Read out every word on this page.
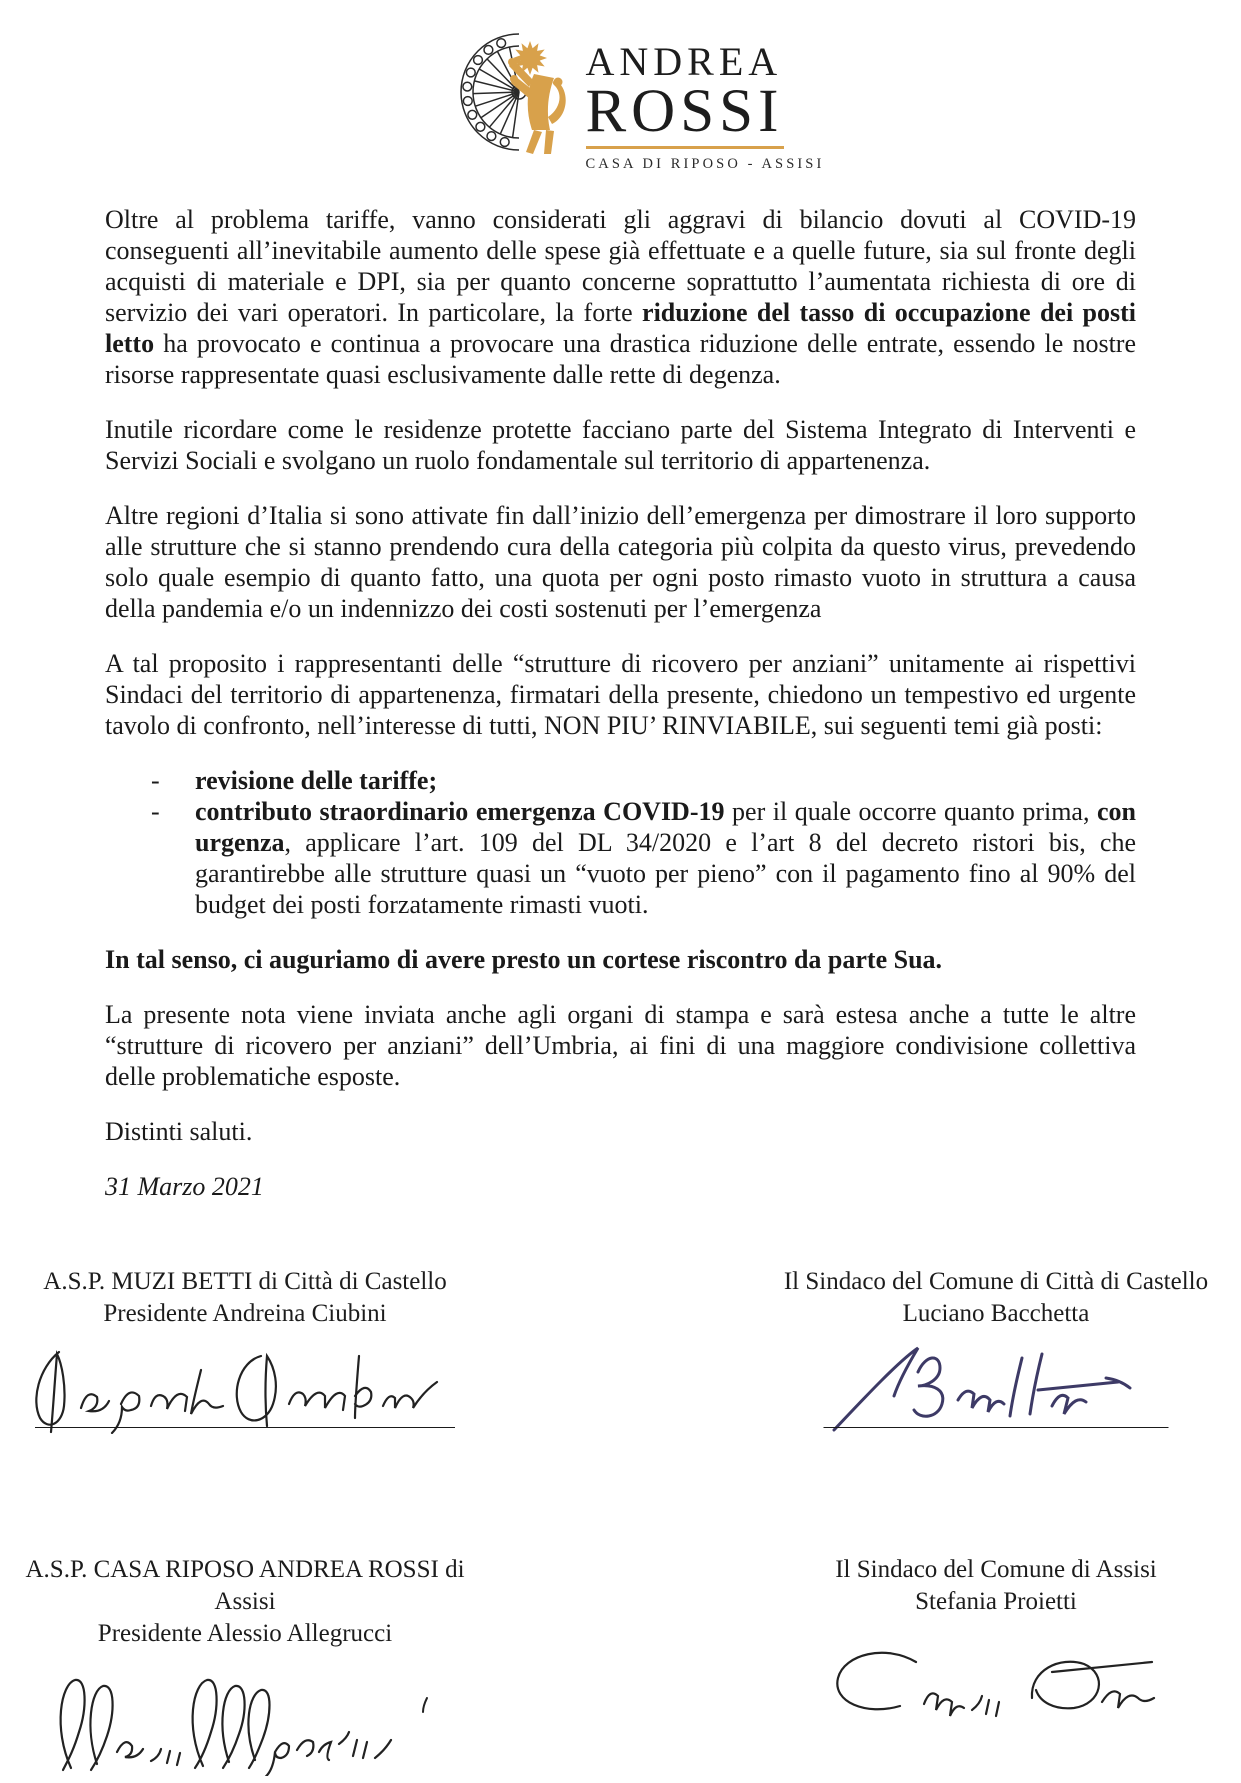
ANDREA
ROSSI
CASA DI RIPOSO - ASSISI

Oltre al problema tariffe, vanno considerati gli aggravi di bilancio dovuti al COVID-19 conseguenti all’inevitabile aumento delle spese già effettuate e a quelle future, sia sul fronte degli acquisti di materiale e DPI, sia per quanto concerne soprattutto l’aumentata richiesta di ore di servizio dei vari operatori. In particolare, la forte riduzione del tasso di occupazione dei posti letto ha provocato e continua a provocare una drastica riduzione delle entrate, essendo le nostre risorse rappresentate quasi esclusivamente dalle rette di degenza.

Inutile ricordare come le residenze protette facciano parte del Sistema Integrato di Interventi e Servizi Sociali e svolgano un ruolo fondamentale sul territorio di appartenenza.

Altre regioni d’Italia si sono attivate fin dall’inizio dell’emergenza per dimostrare il loro supporto alle strutture che si stanno prendendo cura della categoria più colpita da questo virus, prevedendo solo quale esempio di quanto fatto, una quota per ogni posto rimasto vuoto in struttura a causa della pandemia e/o un indennizzo dei costi sostenuti per l’emergenza

A tal proposito i rappresentanti delle “strutture di ricovero per anziani” unitamente ai rispettivi Sindaci del territorio di appartenenza, firmatari della presente, chiedono un tempestivo ed urgente tavolo di confronto, nell’interesse di tutti, NON PIU’ RINVIABILE, sui seguenti temi già posti:

- revisione delle tariffe;
- contributo straordinario emergenza COVID-19 per il quale occorre quanto prima, con urgenza, applicare l’art. 109 del DL 34/2020 e l’art 8 del decreto ristori bis, che garantirebbe alle strutture quasi un “vuoto per pieno” con il pagamento fino al 90% del budget dei posti forzatamente rimasti vuoti.

In tal senso, ci auguriamo di avere presto un cortese riscontro da parte Sua.

La presente nota viene inviata anche agli organi di stampa e sarà estesa anche a tutte le altre “strutture di ricovero per anziani” dell’Umbria, ai fini di una maggiore condivisione collettiva delle problematiche esposte.

Distinti saluti.

31 Marzo 2021

A.S.P. MUZI BETTI di Città di Castello
Presidente Andreina Ciubini
Il Sindaco del Comune di Città di Castello
Luciano Bacchetta
A.S.P. CASA RIPOSO ANDREA ROSSI di Assisi
Presidente Alessio Allegrucci
Il Sindaco del Comune di Assisi
Stefania Proietti
